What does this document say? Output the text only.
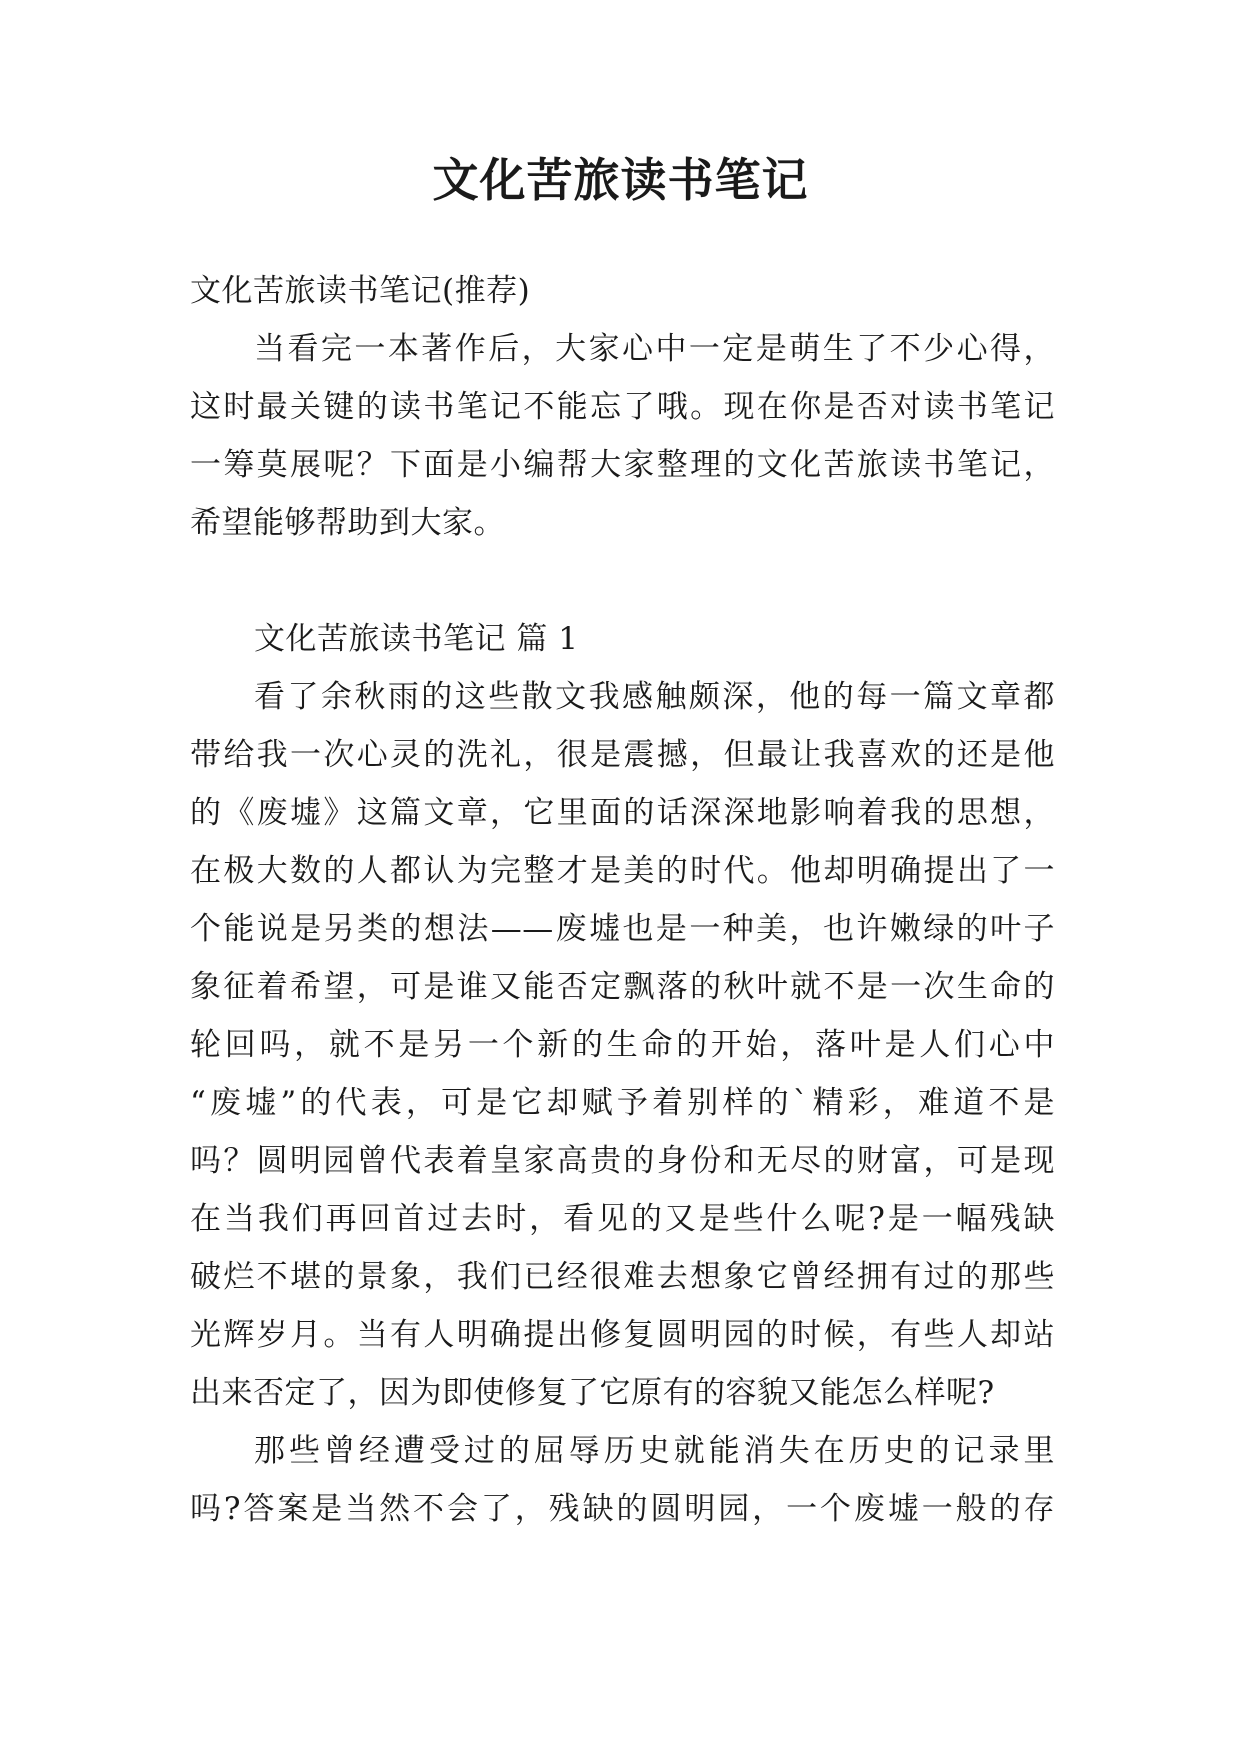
文化苦旅读书笔记
文化苦旅读书笔记(推荐)
当看完一本著作后，大家心中一定是萌生了不少心得，
这时最关键的读书笔记不能忘了哦。现在你是否对读书笔记
一筹莫展呢？下面是小编帮大家整理的文化苦旅读书笔记，
希望能够帮助到大家。
文化苦旅读书笔记 篇 1
看了余秋雨的这些散文我感触颇深，他的每一篇文章都
带给我一次心灵的洗礼，很是震撼，但最让我喜欢的还是他
的《废墟》这篇文章，它里面的话深深地影响着我的思想，
在极大数的人都认为完整才是美的时代。他却明确提出了一
个能说是另类的想法——废墟也是一种美，也许嫩绿的叶子
象征着希望，可是谁又能否定飘落的秋叶就不是一次生命的
轮回吗，就不是另一个新的生命的开始，落叶是人们心中
“废墟”的代表，可是它却赋予着别样的`精彩，难道不是
吗？圆明园曾代表着皇家高贵的身份和无尽的财富，可是现
在当我们再回首过去时，看见的又是些什么呢?是一幅残缺
破烂不堪的景象，我们已经很难去想象它曾经拥有过的那些
光辉岁月。当有人明确提出修复圆明园的时候，有些人却站
出来否定了，因为即使修复了它原有的容貌又能怎么样呢?
那些曾经遭受过的屈辱历史就能消失在历史的记录里
吗?答案是当然不会了，残缺的圆明园，一个废墟一般的存
